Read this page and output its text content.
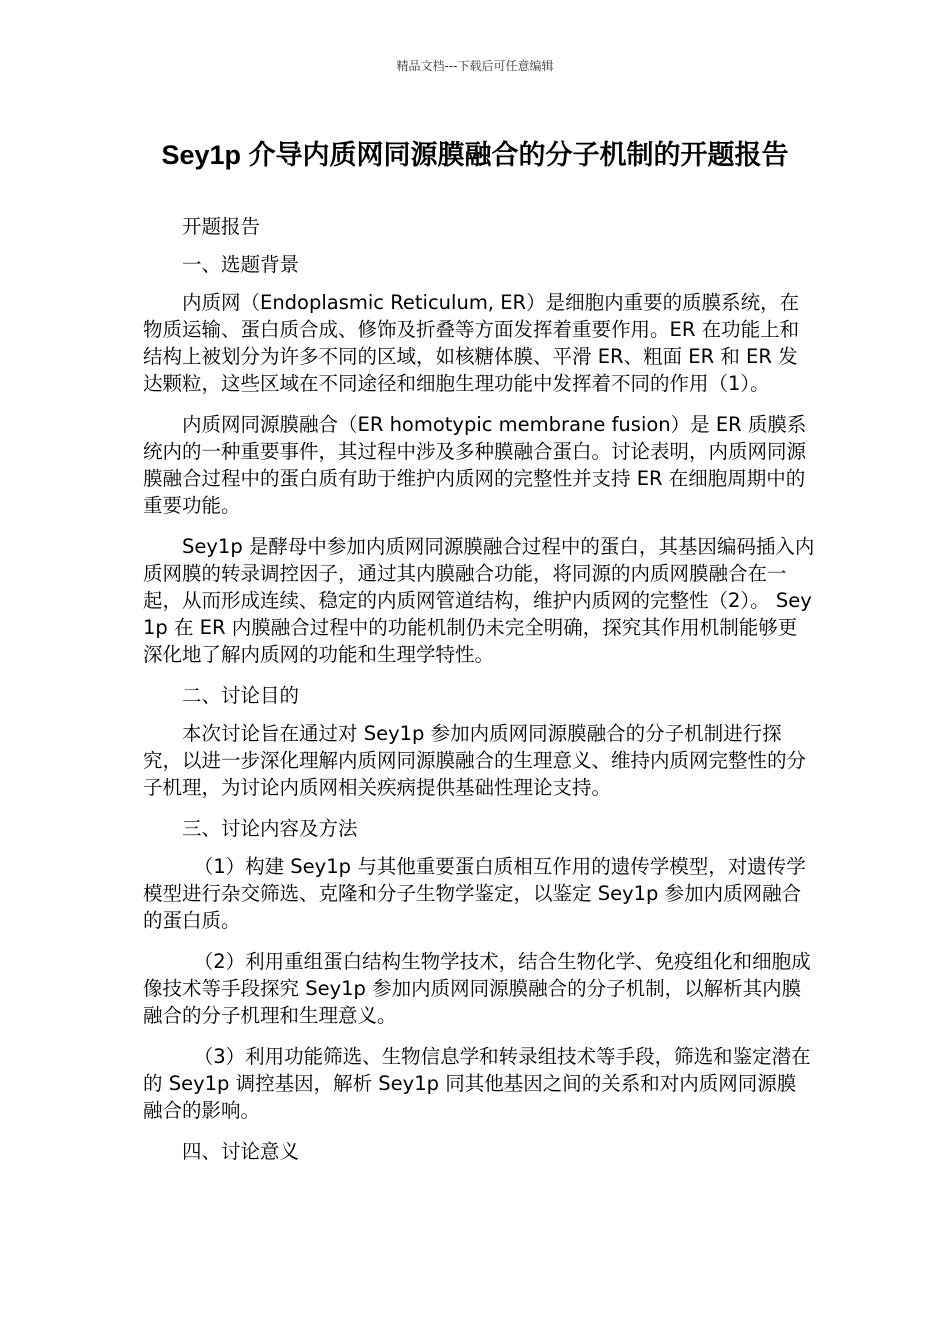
精品文档---下载后可任意编辑
Sey1p 介导内质网同源膜融合的分子机制的开题报告

开题报告

一、选题背景

内质网（Endoplasmic Reticulum, ER）是细胞内重要的质膜系统，在物质运输、蛋白质合成、修饰及折叠等方面发挥着重要作用。ER 在功能上和结构上被划分为许多不同的区域，如核糖体膜、平滑 ER、粗面 ER 和 ER 发达颗粒，这些区域在不同途径和细胞生理功能中发挥着不同的作用（1）。

内质网同源膜融合（ER homotypic membrane fusion）是 ER 质膜系统内的一种重要事件，其过程中涉及多种膜融合蛋白。讨论表明，内质网同源膜融合过程中的蛋白质有助于维护内质网的完整性并支持 ER 在细胞周期中的重要功能。

Sey1p 是酵母中参加内质网同源膜融合过程中的蛋白，其基因编码插入内质网膜的转录调控因子，通过其内膜融合功能，将同源的内质网膜融合在一起，从而形成连续、稳定的内质网管道结构，维护内质网的完整性（2）。 Sey1p 在 ER 内膜融合过程中的功能机制仍未完全明确，探究其作用机制能够更深化地了解内质网的功能和生理学特性。

二、讨论目的

本次讨论旨在通过对 Sey1p 参加内质网同源膜融合的分子机制进行探究，以进一步深化理解内质网同源膜融合的生理意义、维持内质网完整性的分子机理，为讨论内质网相关疾病提供基础性理论支持。

三、讨论内容及方法

（1）构建 Sey1p 与其他重要蛋白质相互作用的遗传学模型，对遗传学模型进行杂交筛选、克隆和分子生物学鉴定，以鉴定 Sey1p 参加内质网融合的蛋白质。

（2）利用重组蛋白结构生物学技术，结合生物化学、免疫组化和细胞成像技术等手段探究 Sey1p 参加内质网同源膜融合的分子机制，以解析其内膜融合的分子机理和生理意义。

（3）利用功能筛选、生物信息学和转录组技术等手段，筛选和鉴定潜在的 Sey1p 调控基因，解析 Sey1p 同其他基因之间的关系和对内质网同源膜融合的影响。

四、讨论意义
